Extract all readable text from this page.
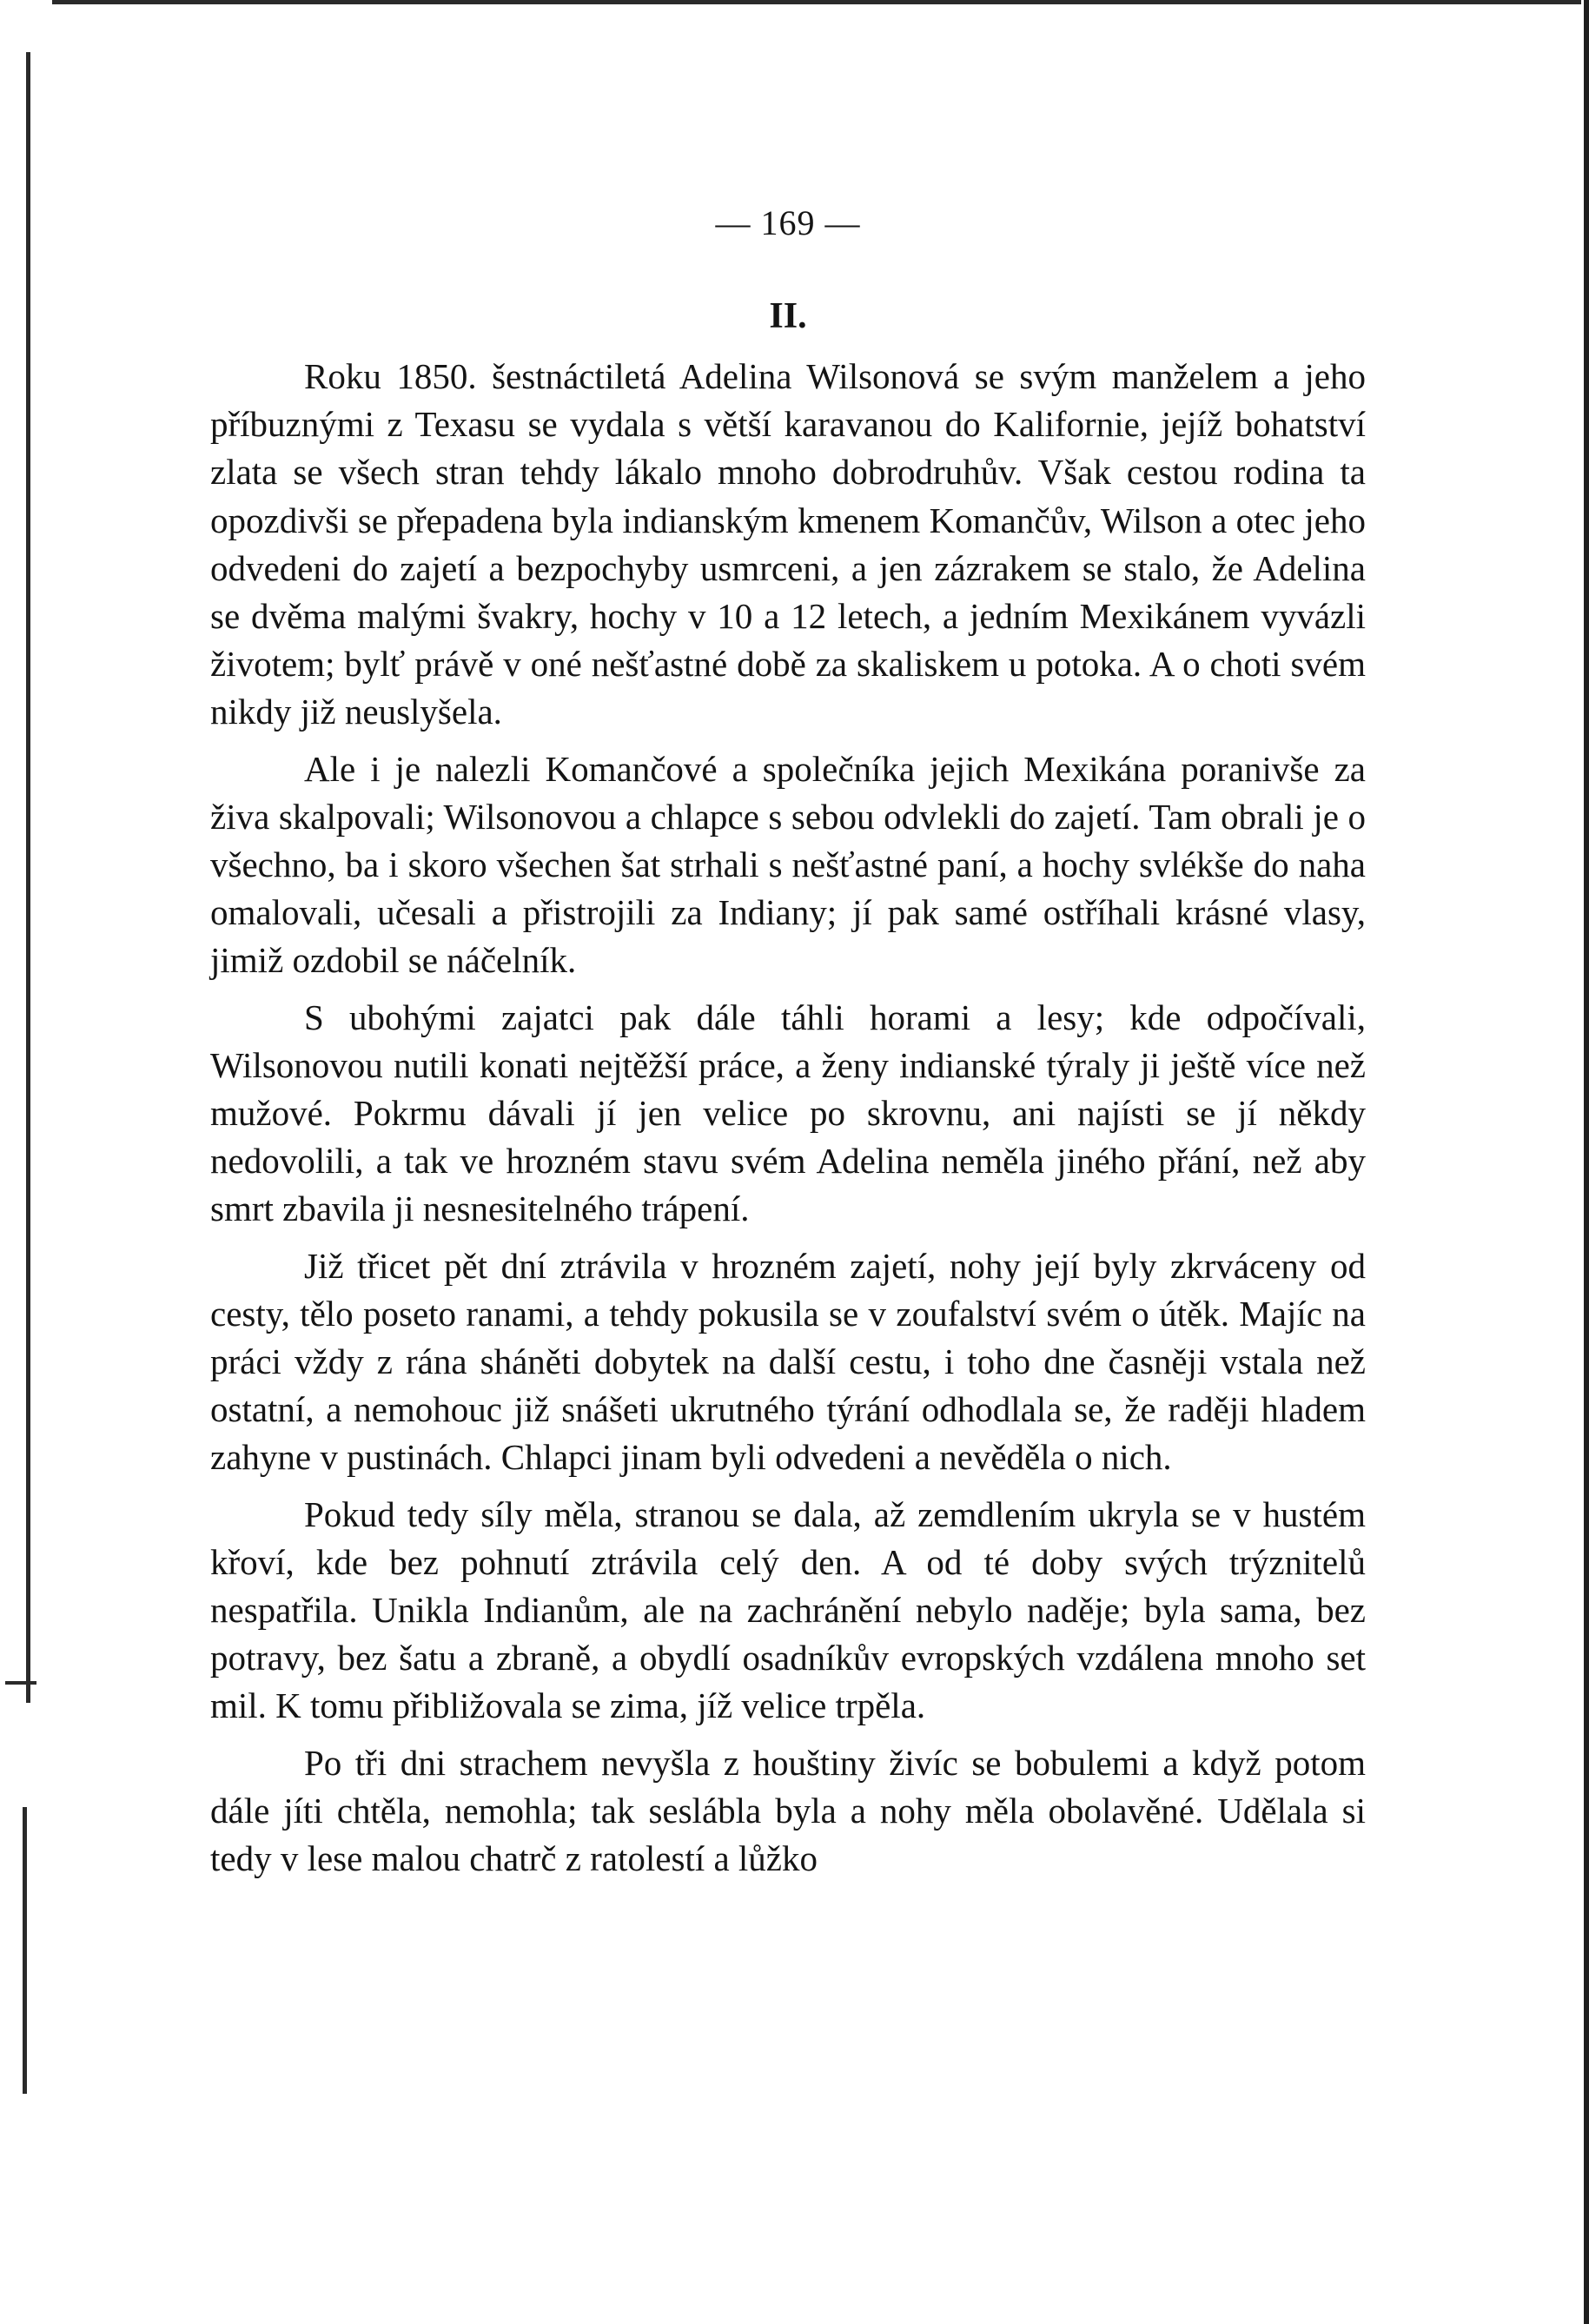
— 169 —
II.

Roku 1850. šestnáctiletá Adelina Wilsonová se svým manželem a jeho příbuznými z Texasu se vydala s větší karavanou do Kalifornie, jejíž bohatství zlata se všech stran tehdy lákalo mnoho dobrodruhův. Však cestou rodina ta opozdivši se přepadena byla indianským kmenem Komančův, Wilson a otec jeho odvedeni do zajetí a bezpochyby usmrceni, a jen zázrakem se stalo, že Adelina se dvěma malými švakry, hochy v 10 a 12 letech, a jedním Mexikánem vyvázli životem; bylť právě v oné nešťastné době za skaliskem u potoka. A o choti svém nikdy již neuslyšela.

Ale i je nalezli Komančové a společníka jejich Mexikána poranivše za živa skalpovali; Wilsonovou a chlapce s sebou odvlekli do zajetí. Tam obrali je o všechno, ba i skoro všechen šat strhali s nešťastné paní, a hochy svlékše do naha omalovali, učesali a přistrojili za Indiany; jí pak samé ostříhali krásné vlasy, jimiž ozdobil se náčelník.

S ubohými zajatci pak dále táhli horami a lesy; kde odpočívali, Wilsonovou nutili konati nejtěžší práce, a ženy indianské týraly ji ještě více než mužové. Pokrmu dávali jí jen velice po skrovnu, ani najísti se jí někdy nedovolili, a tak ve hrozném stavu svém Adelina neměla jiného přání, než aby smrt zbavila ji nesnesitelného trápení.

Již třicet pět dní ztrávila v hrozném zajetí, nohy její byly zkrváceny od cesty, tělo poseto ranami, a tehdy pokusila se v zoufalství svém o útěk. Majíc na práci vždy z rána sháněti dobytek na další cestu, i toho dne časněji vstala než ostatní, a nemohouc již snášeti ukrutného týrání odhodlala se, že raději hladem zahyne v pustinách. Chlapci jinam byli odvedeni a nevěděla o nich.

Pokud tedy síly měla, stranou se dala, až zemdlením ukryla se v hustém křoví, kde bez pohnutí ztrávila celý den. A od té doby svých trýznitelů nespatřila. Unikla Indianům, ale na zachránění nebylo naděje; byla sama, bez potravy, bez šatu a zbraně, a obydlí osadníkův evropských vzdálena mnoho set mil. K tomu přibližovala se zima, jíž velice trpěla.

Po tři dni strachem nevyšla z houštiny živíc se bobulemi a když potom dále jíti chtěla, nemohla; tak seslábla byla a nohy měla obolavěné. Udělala si tedy v lese malou chatrč z ratolestí a lůžko
